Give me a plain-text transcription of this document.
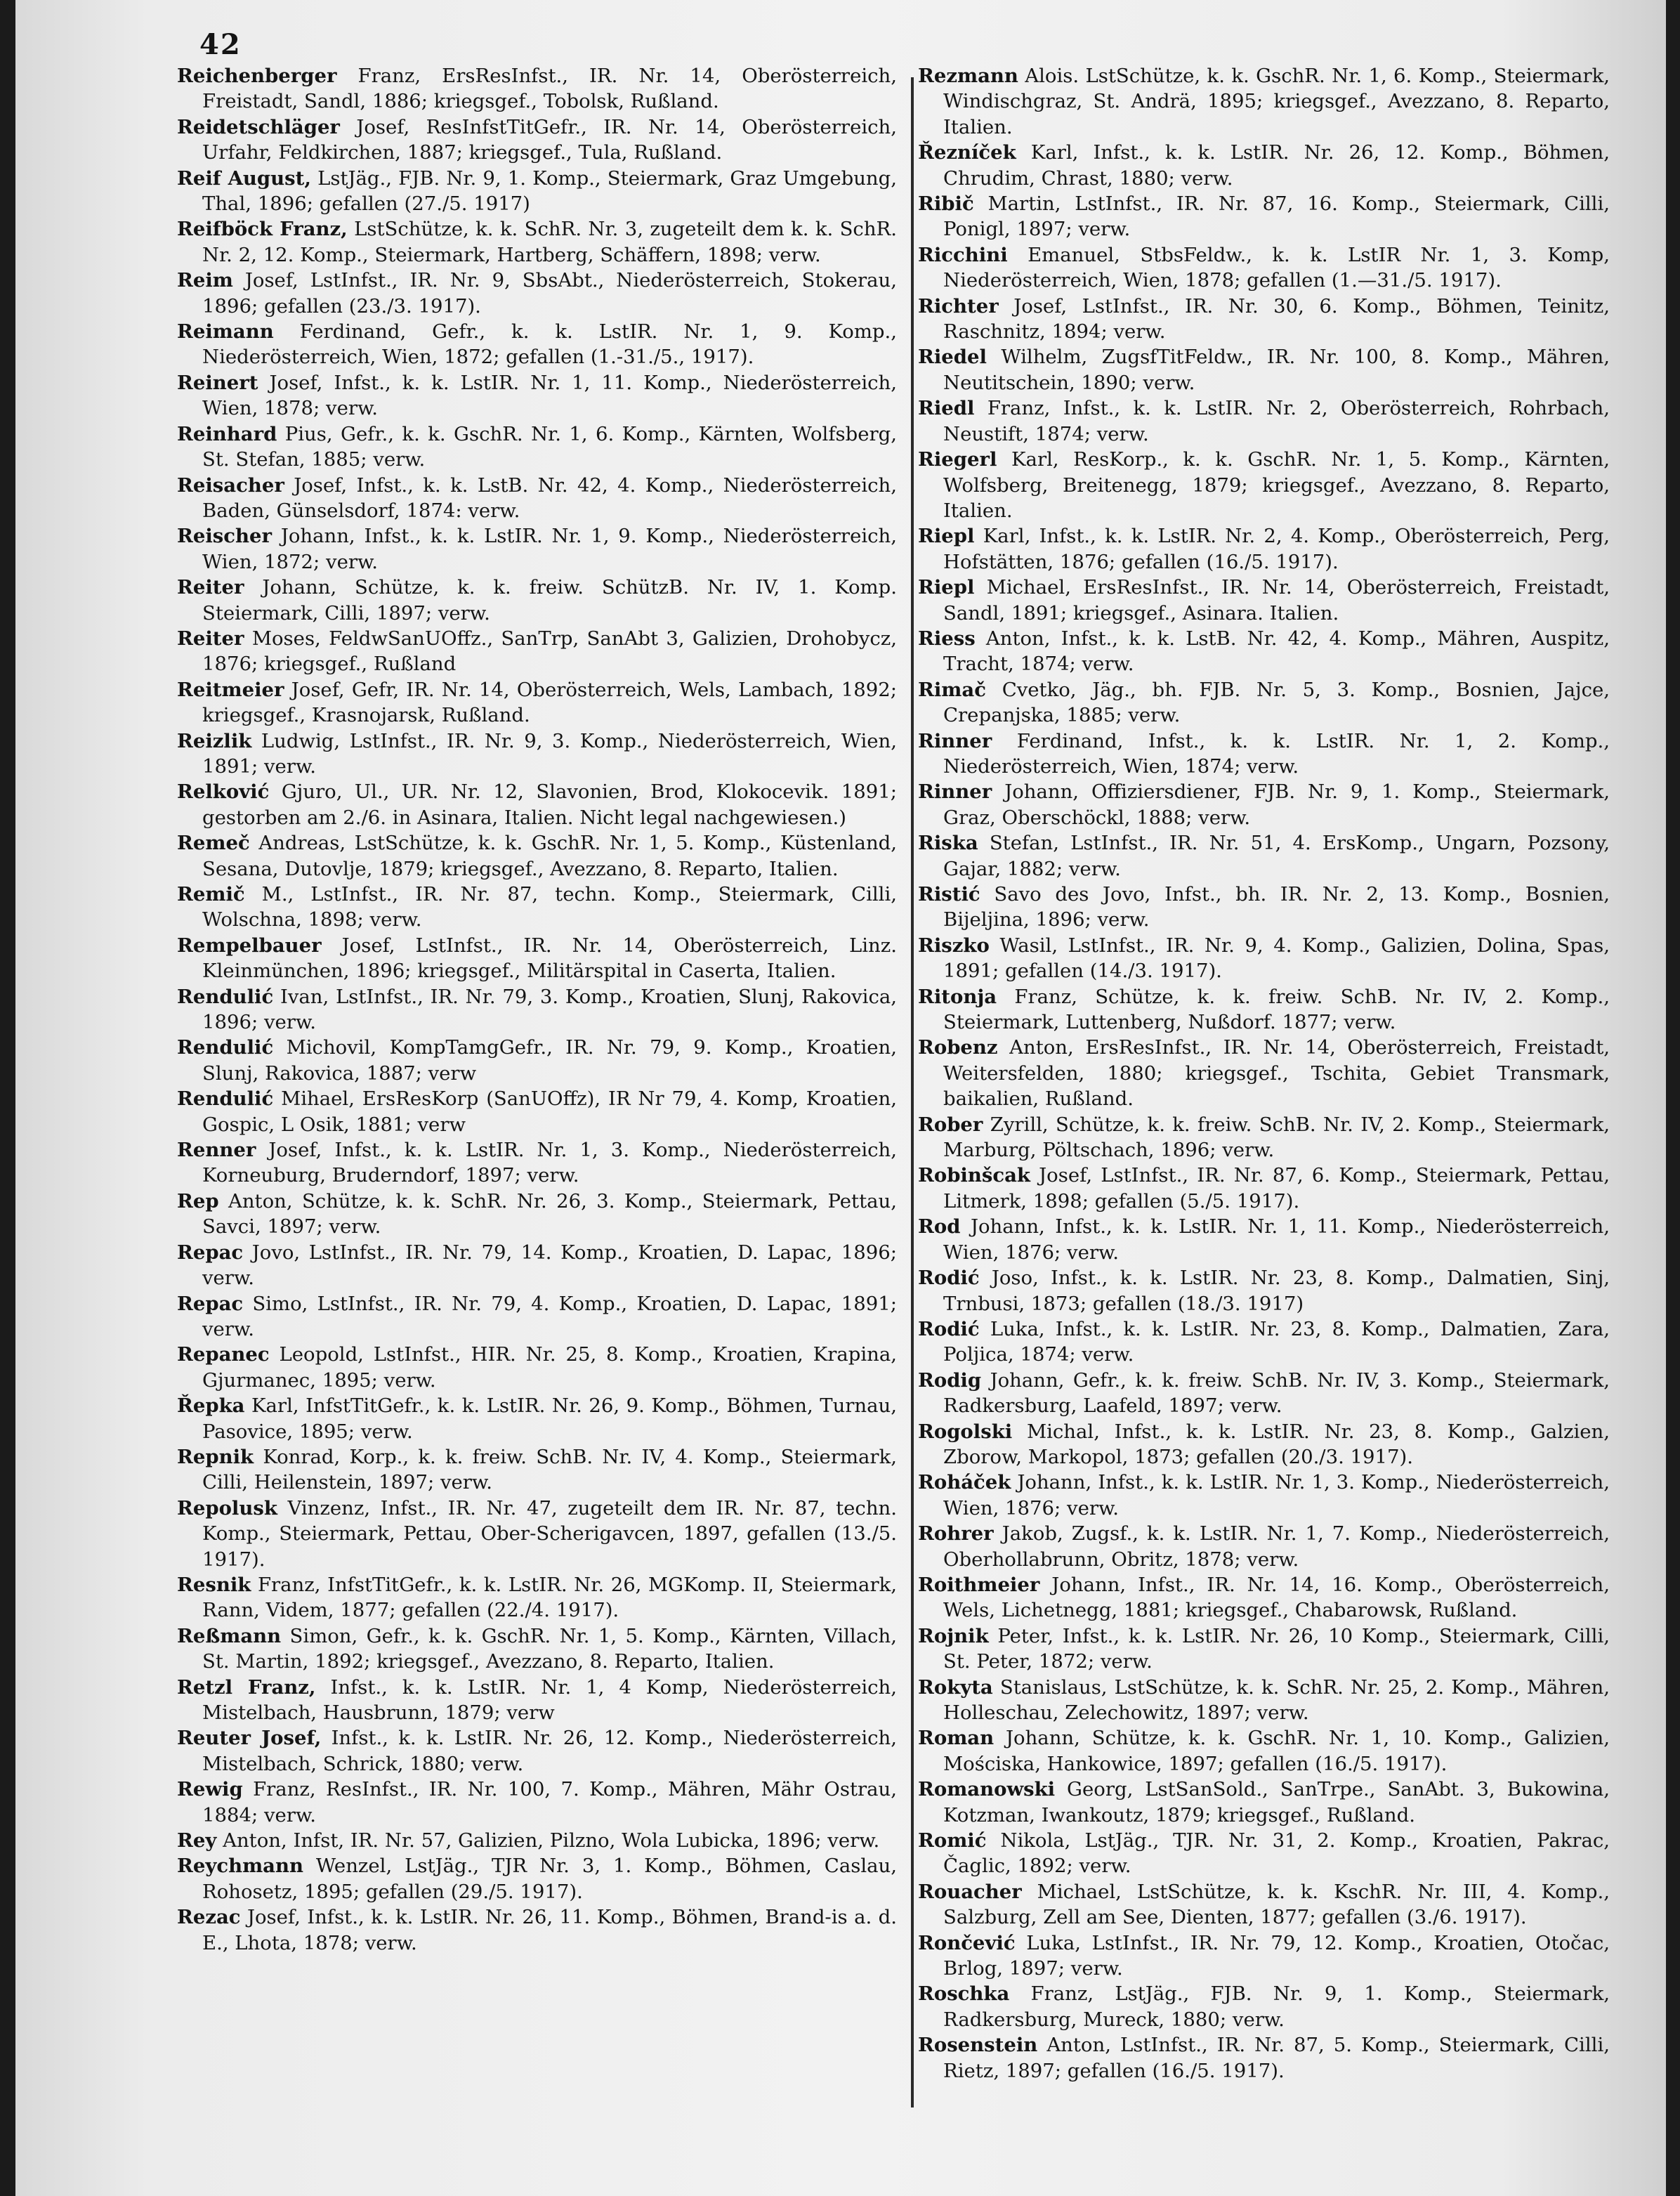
42

Reichenberger Franz, ErsResInfst., IR. Nr. 14, Oberösterreich, Freistadt, Sandl, 1886; kriegsgef., Tobolsk, Rußland.

Reidetschläger Josef, ResInfstTitGefr., IR. Nr. 14, Oberösterreich, Urfahr, Feldkirchen, 1887; kriegsgef., Tula, Rußland.

Reif August, LstJäg., FJB. Nr. 9, 1. Komp., Steiermark, Graz Umgebung, Thal, 1896; gefallen (27./5. 1917)

Reifböck Franz, LstSchütze, k. k. SchR. Nr. 3, zugeteilt dem k. k. SchR. Nr. 2, 12. Komp., Steiermark, Hartberg, Schäffern, 1898; verw.

Reim Josef, LstInfst., IR. Nr. 9, SbsAbt., Niederösterreich, Stokerau, 1896; gefallen (23./3. 1917).

Reimann Ferdinand, Gefr., k. k. LstIR. Nr. 1, 9. Komp., Niederösterreich, Wien, 1872; gefallen (1.-31./5., 1917).

Reinert Josef, Infst., k. k. LstIR. Nr. 1, 11. Komp., Niederösterreich, Wien, 1878; verw.

Reinhard Pius, Gefr., k. k. GschR. Nr. 1, 6. Komp., Kärnten, Wolfsberg, St. Stefan, 1885; verw.

Reisacher Josef, Infst., k. k. LstB. Nr. 42, 4. Komp., Niederösterreich, Baden, Günselsdorf, 1874: verw.

Reischer Johann, Infst., k. k. LstIR. Nr. 1, 9. Komp., Niederösterreich, Wien, 1872; verw.

Reiter Johann, Schütze, k. k. freiw. SchützB. Nr. IV, 1. Komp. Steiermark, Cilli, 1897; verw.

Reiter Moses, FeldwSanUOffz., SanTrp, SanAbt 3, Galizien, Drohobycz, 1876; kriegsgef., Rußland

Reitmeier Josef, Gefr, IR. Nr. 14, Oberösterreich, Wels, Lambach, 1892; kriegsgef., Krasnojarsk, Rußland.

Reizlik Ludwig, LstInfst., IR. Nr. 9, 3. Komp., Niederösterreich, Wien, 1891; verw.

Relković Gjuro, Ul., UR. Nr. 12, Slavonien, Brod, Klokocevik. 1891; gestorben am 2./6. in Asinara, Italien. Nicht legal nachgewiesen.)

Remeč Andreas, LstSchütze, k. k. GschR. Nr. 1, 5. Komp., Küstenland, Sesana, Dutovlje, 1879; kriegsgef., Avezzano, 8. Reparto, Italien.

Remič M., LstInfst., IR. Nr. 87, techn. Komp., Steiermark, Cilli, Wolschna, 1898; verw.

Rempelbauer Josef, LstInfst., IR. Nr. 14, Oberösterreich, Linz. Kleinmünchen, 1896; kriegsgef., Militärspital in Caserta, Italien.

Rendulić Ivan, LstInfst., IR. Nr. 79, 3. Komp., Kroatien, Slunj, Rakovica, 1896; verw.

Rendulić Michovil, KompTamgGefr., IR. Nr. 79, 9. Komp., Kroatien, Slunj, Rakovica, 1887; verw

Rendulić Mihael, ErsResKorp (SanUOffz), IR Nr 79, 4. Komp, Kroatien, Gospic, L Osik, 1881; verw

Renner Josef, Infst., k. k. LstIR. Nr. 1, 3. Komp., Niederösterreich, Korneuburg, Bruderndorf, 1897; verw.

Rep Anton, Schütze, k. k. SchR. Nr. 26, 3. Komp., Steiermark, Pettau, Savci, 1897; verw.

Repac Jovo, LstInfst., IR. Nr. 79, 14. Komp., Kroatien, D. Lapac, 1896; verw.

Repac Simo, LstInfst., IR. Nr. 79, 4. Komp., Kroatien, D. Lapac, 1891; verw.

Repanec Leopold, LstInfst., HIR. Nr. 25, 8. Komp., Kroatien, Krapina, Gjurmanec, 1895; verw.

Řepka Karl, InfstTitGefr., k. k. LstIR. Nr. 26, 9. Komp., Böhmen, Turnau, Pasovice, 1895; verw.

Repnik Konrad, Korp., k. k. freiw. SchB. Nr. IV, 4. Komp., Steiermark, Cilli, Heilenstein, 1897; verw.

Repolusk Vinzenz, Infst., IR. Nr. 47, zugeteilt dem IR. Nr. 87, techn. Komp., Steiermark, Pettau, Ober-Scherigavcen, 1897, gefallen (13./5. 1917).

Resnik Franz, InfstTitGefr., k. k. LstIR. Nr. 26, MGKomp. II, Steiermark, Rann, Videm, 1877; gefallen (22./4. 1917).

Reßmann Simon, Gefr., k. k. GschR. Nr. 1, 5. Komp., Kärnten, Villach, St. Martin, 1892; kriegsgef., Avezzano, 8. Reparto, Italien.

Retzl Franz, Infst., k. k. LstIR. Nr. 1, 4 Komp, Niederösterreich, Mistelbach, Hausbrunn, 1879; verw

Reuter Josef, Infst., k. k. LstIR. Nr. 26, 12. Komp., Niederösterreich, Mistelbach, Schrick, 1880; verw.

Rewig Franz, ResInfst., IR. Nr. 100, 7. Komp., Mähren, Mähr Ostrau, 1884; verw.

Rey Anton, Infst, IR. Nr. 57, Galizien, Pilzno, Wola Lubicka, 1896; verw.

Reychmann Wenzel, LstJäg., TJR Nr. 3, 1. Komp., Böhmen, Caslau, Rohosetz, 1895; gefallen (29./5. 1917).

Rezac Josef, Infst., k. k. LstIR. Nr. 26, 11. Komp., Böhmen, Brand-is a. d. E., Lhota, 1878; verw.

Rezmann Alois. LstSchütze, k. k. GschR. Nr. 1, 6. Komp., Steiermark, Windischgraz, St. Andrä, 1895; kriegsgef., Avezzano, 8. Reparto, Italien.

Řezníček Karl, Infst., k. k. LstIR. Nr. 26, 12. Komp., Böhmen, Chrudim, Chrast, 1880; verw.

Ribič Martin, LstInfst., IR. Nr. 87, 16. Komp., Steiermark, Cilli, Ponigl, 1897; verw.

Ricchini Emanuel, StbsFeldw., k. k. LstIR Nr. 1, 3. Komp, Niederösterreich, Wien, 1878; gefallen (1.—31./5. 1917).

Richter Josef, LstInfst., IR. Nr. 30, 6. Komp., Böhmen, Teinitz, Raschnitz, 1894; verw.

Riedel Wilhelm, ZugsfTitFeldw., IR. Nr. 100, 8. Komp., Mähren, Neutitschein, 1890; verw.

Riedl Franz, Infst., k. k. LstIR. Nr. 2, Oberösterreich, Rohrbach, Neustift, 1874; verw.

Riegerl Karl, ResKorp., k. k. GschR. Nr. 1, 5. Komp., Kärnten, Wolfsberg, Breitenegg, 1879; kriegsgef., Avezzano, 8. Reparto, Italien.

Riepl Karl, Infst., k. k. LstIR. Nr. 2, 4. Komp., Oberösterreich, Perg, Hofstätten, 1876; gefallen (16./5. 1917).

Riepl Michael, ErsResInfst., IR. Nr. 14, Oberösterreich, Freistadt, Sandl, 1891; kriegsgef., Asinara. Italien.

Riess Anton, Infst., k. k. LstB. Nr. 42, 4. Komp., Mähren, Auspitz, Tracht, 1874; verw.

Rimač Cvetko, Jäg., bh. FJB. Nr. 5, 3. Komp., Bosnien, Jajce, Crepanjska, 1885; verw.

Rinner Ferdinand, Infst., k. k. LstIR. Nr. 1, 2. Komp., Niederösterreich, Wien, 1874; verw.

Rinner Johann, Offiziersdiener, FJB. Nr. 9, 1. Komp., Steiermark, Graz, Oberschöckl, 1888; verw.

Riska Stefan, LstInfst., IR. Nr. 51, 4. ErsKomp., Ungarn, Pozsony, Gajar, 1882; verw.

Ristić Savo des Jovo, Infst., bh. IR. Nr. 2, 13. Komp., Bosnien, Bijeljina, 1896; verw.

Riszko Wasil, LstInfst., IR. Nr. 9, 4. Komp., Galizien, Dolina, Spas, 1891; gefallen (14./3. 1917).

Ritonja Franz, Schütze, k. k. freiw. SchB. Nr. IV, 2. Komp., Steiermark, Luttenberg, Nußdorf. 1877; verw.

Robenz Anton, ErsResInfst., IR. Nr. 14, Oberösterreich, Freistadt, Weitersfelden, 1880; kriegsgef., Tschita, Gebiet Transmark, baikalien, Rußland.

Rober Zyrill, Schütze, k. k. freiw. SchB. Nr. IV, 2. Komp., Steiermark, Marburg, Pöltschach, 1896; verw.

Robinšcak Josef, LstInfst., IR. Nr. 87, 6. Komp., Steiermark, Pettau, Litmerk, 1898; gefallen (5./5. 1917).

Rod Johann, Infst., k. k. LstIR. Nr. 1, 11. Komp., Niederösterreich, Wien, 1876; verw.

Rodić Joso, Infst., k. k. LstIR. Nr. 23, 8. Komp., Dalmatien, Sinj, Trnbusi, 1873; gefallen (18./3. 1917)

Rodić Luka, Infst., k. k. LstIR. Nr. 23, 8. Komp., Dalmatien, Zara, Poljica, 1874; verw.

Rodig Johann, Gefr., k. k. freiw. SchB. Nr. IV, 3. Komp., Steiermark, Radkersburg, Laafeld, 1897; verw.

Rogolski Michal, Infst., k. k. LstIR. Nr. 23, 8. Komp., Galzien, Zborow, Markopol, 1873; gefallen (20./3. 1917).

Roháček Johann, Infst., k. k. LstIR. Nr. 1, 3. Komp., Niederösterreich, Wien, 1876; verw.

Rohrer Jakob, Zugsf., k. k. LstIR. Nr. 1, 7. Komp., Niederösterreich, Oberhollabrunn, Obritz, 1878; verw.

Roithmeier Johann, Infst., IR. Nr. 14, 16. Komp., Oberösterreich, Wels, Lichetnegg, 1881; kriegsgef., Chabarowsk, Rußland.

Rojnik Peter, Infst., k. k. LstIR. Nr. 26, 10 Komp., Steiermark, Cilli, St. Peter, 1872; verw.

Rokyta Stanislaus, LstSchütze, k. k. SchR. Nr. 25, 2. Komp., Mähren, Holleschau, Zelechowitz, 1897; verw.

Roman Johann, Schütze, k. k. GschR. Nr. 1, 10. Komp., Galizien, Mościska, Hankowice, 1897; gefallen (16./5. 1917).

Romanowski Georg, LstSanSold., SanTrpe., SanAbt. 3, Bukowina, Kotzman, Iwankoutz, 1879; kriegsgef., Rußland.

Romić Nikola, LstJäg., TJR. Nr. 31, 2. Komp., Kroatien, Pakrac, Čaglic, 1892; verw.

Rouacher Michael, LstSchütze, k. k. KschR. Nr. III, 4. Komp., Salzburg, Zell am See, Dienten, 1877; gefallen (3./6. 1917).

Rončević Luka, LstInfst., IR. Nr. 79, 12. Komp., Kroatien, Otočac, Brlog, 1897; verw.

Roschka Franz, LstJäg., FJB. Nr. 9, 1. Komp., Steiermark, Radkersburg, Mureck, 1880; verw.

Rosenstein Anton, LstInfst., IR. Nr. 87, 5. Komp., Steiermark, Cilli, Rietz, 1897; gefallen (16./5. 1917).
